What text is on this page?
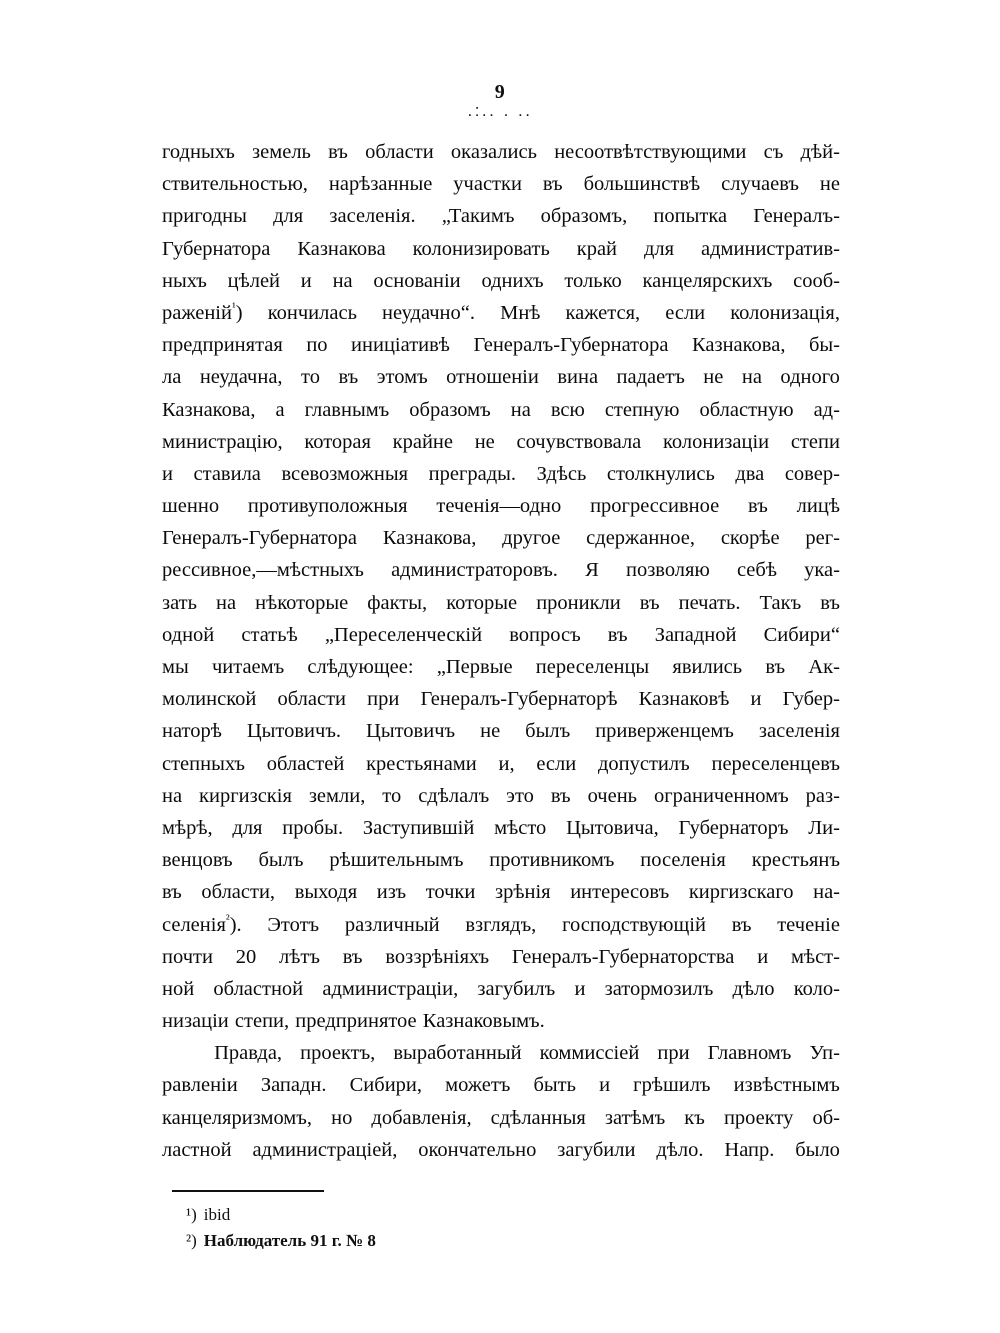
9
.:.. . ..
годныхъ земель въ области оказались несоотвѣтствующими съ дѣй-
ствительностью, нарѣзанные участки въ большинствѣ случаевъ не
пригодны для заселенія. „Такимъ образомъ, попытка Генералъ-
Губернатора Казнакова колонизировать край для административ-
ныхъ цѣлей и на основаніи однихъ только канцелярскихъ сооб-
раженій$^{^1}$) кончилась неудачно“. Мнѣ кажется, если колонизація,
предпринятая по иниціативѣ Генералъ-Губернатора Казнакова, бы-
ла неудачна, то въ этомъ отношеніи вина падаетъ не на одного
Казнакова, а главнымъ образомъ на всю степную областную ад-
министрацію, которая крайне не сочувствовала колонизаціи степи
и ставила всевозможныя преграды. Здѣсь столкнулись два совер-
шенно противуположныя теченія—одно прогрессивное въ лицѣ
Генералъ-Губернатора Казнакова, другое сдержанное, скорѣе рег-
рессивное,—мѣстныхъ администраторовъ. Я позволяю себѣ ука-
зать на нѣкоторые факты, которые проникли въ печать. Такъ въ
одной статьѣ „Переселенческій вопросъ въ Западной Сибири“
мы читаемъ слѣдующее: „Первые переселенцы явились въ Ак-
молинской области при Генералъ-Губернаторѣ Казнаковѣ и Губер-
наторѣ Цытовичъ. Цытовичъ не былъ приверженцемъ заселенія
степныхъ областей крестьянами и, если допустилъ переселенцевъ
на киргизскія земли, то сдѣлалъ это въ очень ограниченномъ раз-
мѣрѣ, для пробы. Заступившій мѣсто Цытовича, Губернаторъ Ли-
венцовъ былъ рѣшительнымъ противникомъ поселенія крестьянъ
въ области, выходя изъ точки зрѣнія интересовъ киргизскаго на-
селенія$^{^2}$). Этотъ различный взглядъ, господствующій въ теченіе
почти 20 лѣтъ въ воззрѣніяхъ Генералъ-Губернаторства и мѣст-
ной областной администраціи, загубилъ и затормозилъ дѣло коло-
низаціи степи, предпринятое Казнаковымъ.
Правда, проектъ, выработанный коммиссіей при Главномъ Уп-
равленіи Западн. Сибири, можетъ быть и грѣшилъ извѣстнымъ
канцеляризмомъ, но добавленія, сдѣланныя затѣмъ къ проекту об-
ластной администраціей, окончательно загубили дѣло. Напр. было
¹) ibid
²) Наблюдатель 91 г. № 8
